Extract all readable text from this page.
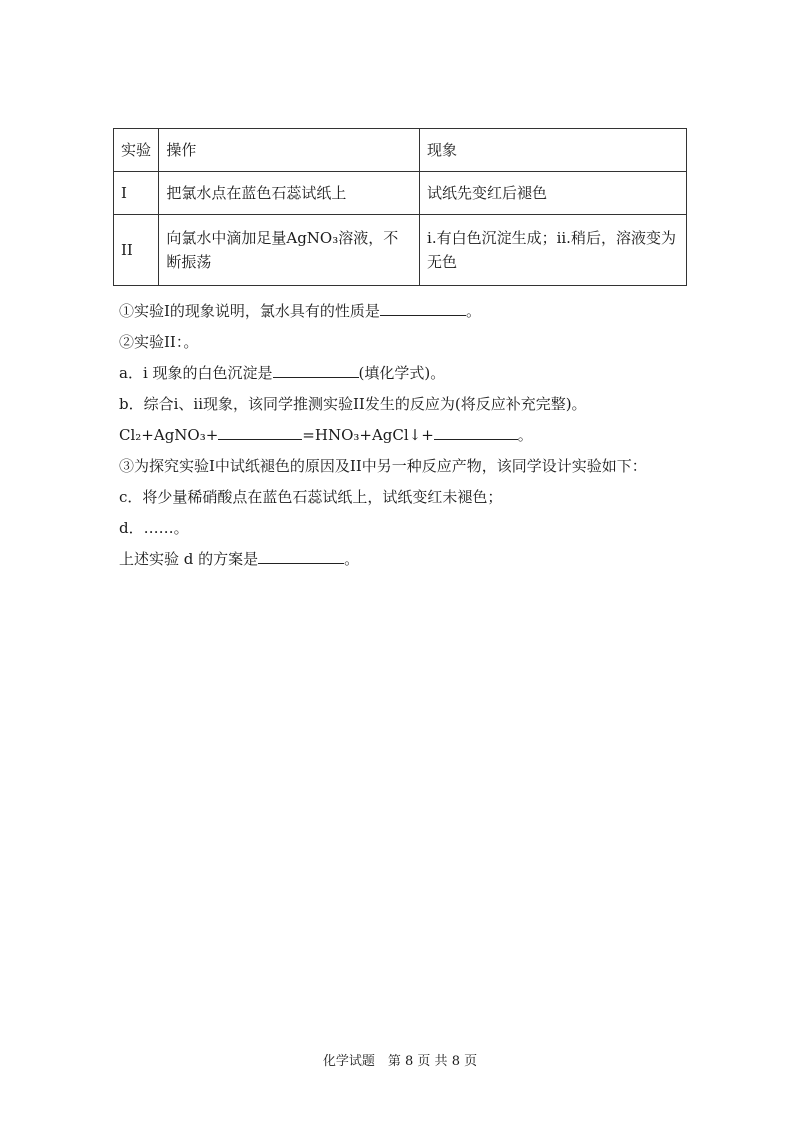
实验	操作	现象
I	把氯水点在蓝色石蕊试纸上	试纸先变红后褪色
II	向氯水中滴加足量AgNO₃溶液，不断振荡	i.有白色沉淀生成；ii.稍后，溶液变为无色
①实验I的现象说明，氯水具有的性质是	。
②实验II：。
a．i 现象的白色沉淀是	(填化学式)。
b．综合i、ii现象，该同学推测实验II发生的反应为(将反应补充完整)。
Cl₂+AgNO₃+	=HNO₃+AgCl↓+	。
③为探究实验I中试纸褪色的原因及II中另一种反应产物，该同学设计实验如下：
c．将少量稀硝酸点在蓝色石蕊试纸上，试纸变红未褪色；
d．……。
上述实验 d 的方案是	。
化学试题　第 8 页 共 8 页
